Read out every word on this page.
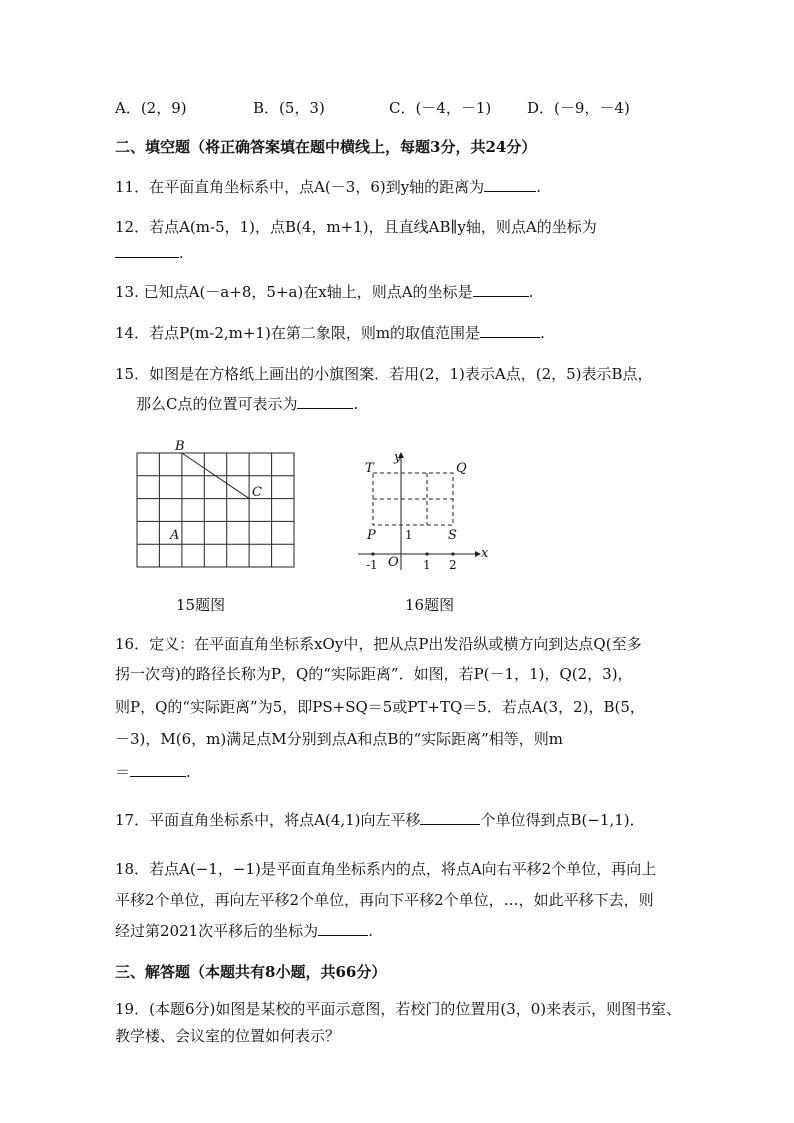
A．(2，9)	B．(5，3)	C．(－4，－1) D．(－9，－4)
二、填空题（将正确答案填在题中横线上，每题3分，共24分）
11．在平面直角坐标系中，点A(－3，6)到y轴的距离为	.
12．若点A(m-5，1)，点B(4，m+1)，且直线AB∥y轴，则点A的坐标为
.
13. 已知点A(－a+8，5+a)在x轴上，则点A的坐标是	.
14．若点P(m-2,m+1)在第二象限，则m的取值范围是	.
15．如图是在方格纸上画出的小旗图案．若用(2，1)表示A点，(2，5)表示B点，
那么C点的位置可表示为	.
B
C
A
15题图
T	Q
P	S
y
x
O
-1	1 2
1
16题图
16．定义：在平面直角坐标系xOy中，把从点P出发沿纵或横方向到达点Q(至多
拐一次弯)的路径长称为P，Q的“实际距离”．如图，若P(－1，1)，Q(2，3)，
则P，Q的“实际距离”为5，即PS+SQ＝5或PT+TQ＝5．若点A(3，2)，B(5，
－3)，M(6，m)满足点M分别到点A和点B的“实际距离”相等，则m
＝	.
17．平面直角坐标系中，将点A(4,1)向左平移	个单位得到点B(−1,1)．
18．若点A(−1，−1)是平面直角坐标系内的点，将点A向右平移2个单位，再向上
平移2个单位，再向左平移2个单位，再向下平移2个单位，…，如此平移下去，则
经过第2021次平移后的坐标为	.
三、解答题（本题共有8小题，共66分）
19．(本题6分)如图是某校的平面示意图，若校门的位置用(3，0)来表示，则图书室、
教学楼、会议室的位置如何表示？
